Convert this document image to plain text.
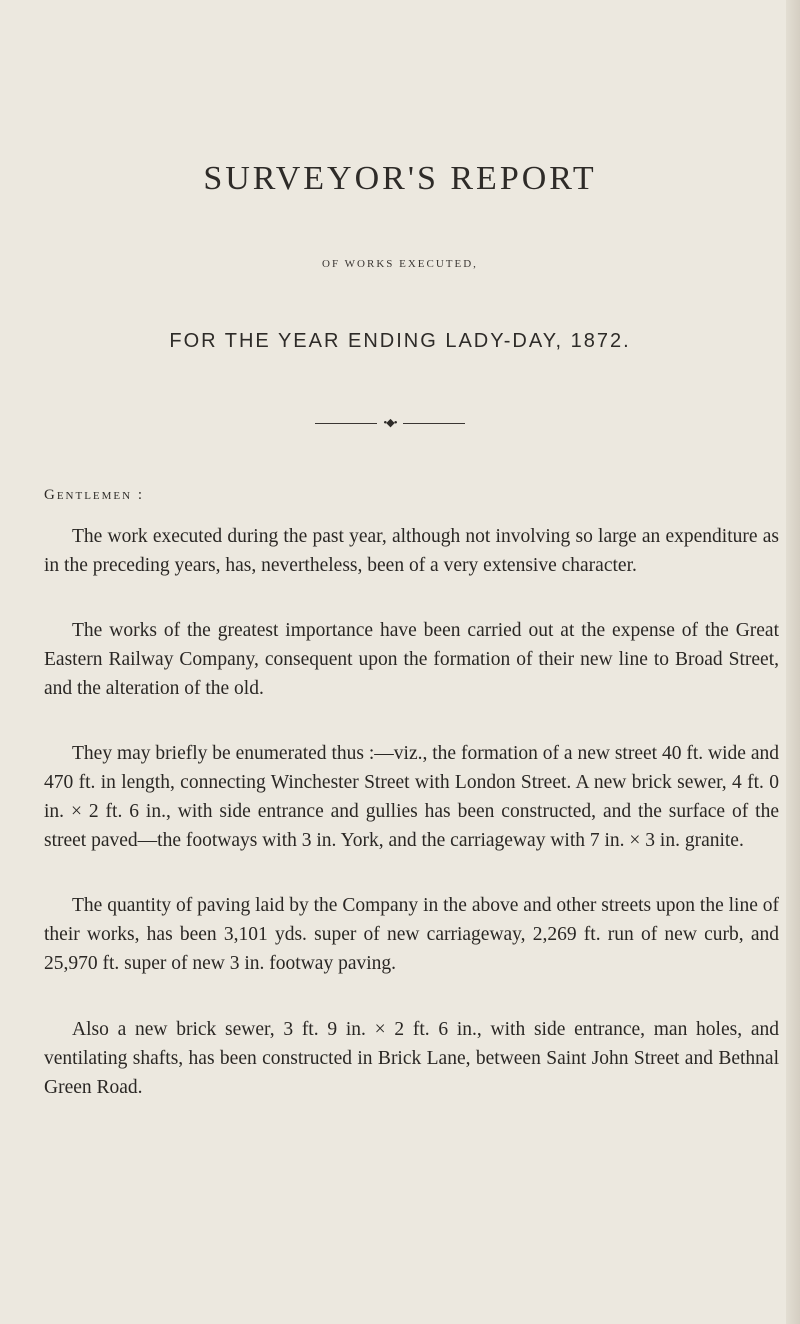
SURVEYOR'S REPORT
OF WORKS EXECUTED,
FOR THE YEAR ENDING LADY-DAY, 1872.
•◆•
Gentlemen :

The work executed during the past year, although not involving so large an expenditure as in the preceding years, has, nevertheless, been of a very extensive character.

The works of the greatest importance have been carried out at the expense of the Great Eastern Railway Company, consequent upon the formation of their new line to Broad Street, and the alteration of the old.

They may briefly be enumerated thus :—viz., the formation of a new street 40 ft. wide and 470 ft. in length, connecting Winchester Street with London Street. A new brick sewer, 4 ft. 0 in. × 2 ft. 6 in., with side entrance and gullies has been constructed, and the surface of the street paved—the footways with 3 in. York, and the carriageway with 7 in. × 3 in. granite.

The quantity of paving laid by the Company in the above and other streets upon the line of their works, has been 3,101 yds. super of new carriageway, 2,269 ft. run of new curb, and 25,970 ft. super of new 3 in. footway paving.

Also a new brick sewer, 3 ft. 9 in. × 2 ft. 6 in., with side entrance, man holes, and ventilating shafts, has been constructed in Brick Lane, between Saint John Street and Bethnal Green Road.
